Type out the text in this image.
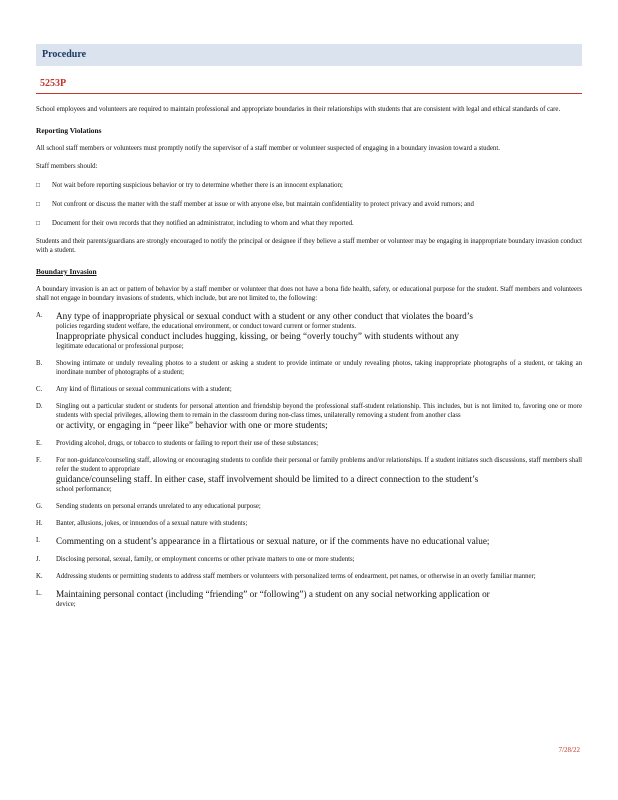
Procedure
5253P

School employees and volunteers are required to maintain professional and appropriate boundaries in their relationships with students that are consistent with legal and ethical standards of care.

Reporting Violations

All school staff members or volunteers must promptly notify the supervisor of a staff member or volunteer suspected of engaging in a boundary invasion toward a student.

Staff members should:

□	Not wait before reporting suspicious behavior or try to determine whether there is an innocent explanation;
□	Not confront or discuss the matter with the staff member at issue or with anyone else, but maintain confidentiality to protect privacy and avoid rumors; and
□	Document for their own records that they notified an administrator, including to whom and what they reported.

Students and their parents/guardians are strongly encouraged to notify the principal or designee if they believe a staff member or volunteer may be engaging in inappropriate boundary invasion conduct with a student.

Boundary Invasion

A boundary invasion is an act or pattern of behavior by a staff member or volunteer that does not have a bona fide health, safety, or educational purpose for the student. Staff members and volunteers shall not engage in boundary invasions of students, which include, but are not limited to, the following:

A.	Any type of inappropriate physical or sexual conduct with a student or any other conduct that violates the board’s
policies regarding student welfare, the educational environment, or conduct toward current or former students.
Inappropriate physical conduct includes hugging, kissing, or being “overly touchy” with students without any
legitimate educational or professional purpose;
B.	Showing intimate or unduly revealing photos to a student or asking a student to provide intimate or unduly revealing photos, taking inappropriate photographs of a student, or taking an inordinate number of photographs of a student;
C.	Any kind of flirtatious or sexual communications with a student;
D.	Singling out a particular student or students for personal attention and friendship beyond the professional staff-student relationship. This includes, but is not limited to, favoring one or more students with special privileges, allowing them to remain in the classroom during non-class times, unilaterally removing a student from another class
or activity, or engaging in “peer like” behavior with one or more students;
E.	Providing alcohol, drugs, or tobacco to students or failing to report their use of these substances;
F.	For non-guidance/counseling staff, allowing or encouraging students to confide their personal or family problems and/or relationships. If a student initiates such discussions, staff members shall refer the student to appropriate
guidance/counseling staff. In either case, staff involvement should be limited to a direct connection to the student’s
school performance;
G.	Sending students on personal errands unrelated to any educational purpose;
H.	Banter, allusions, jokes, or innuendos of a sexual nature with students;
I.	Commenting on a student’s appearance in a flirtatious or sexual nature, or if the comments have no educational value;
J.	Disclosing personal, sexual, family, or employment concerns or other private matters to one or more students;
K.	Addressing students or permitting students to address staff members or volunteers with personalized terms of endearment, pet names, or otherwise in an overly familiar manner;
L.	Maintaining personal contact (including “friending” or “following”) a student on any social networking application or
device;
7/28/22
